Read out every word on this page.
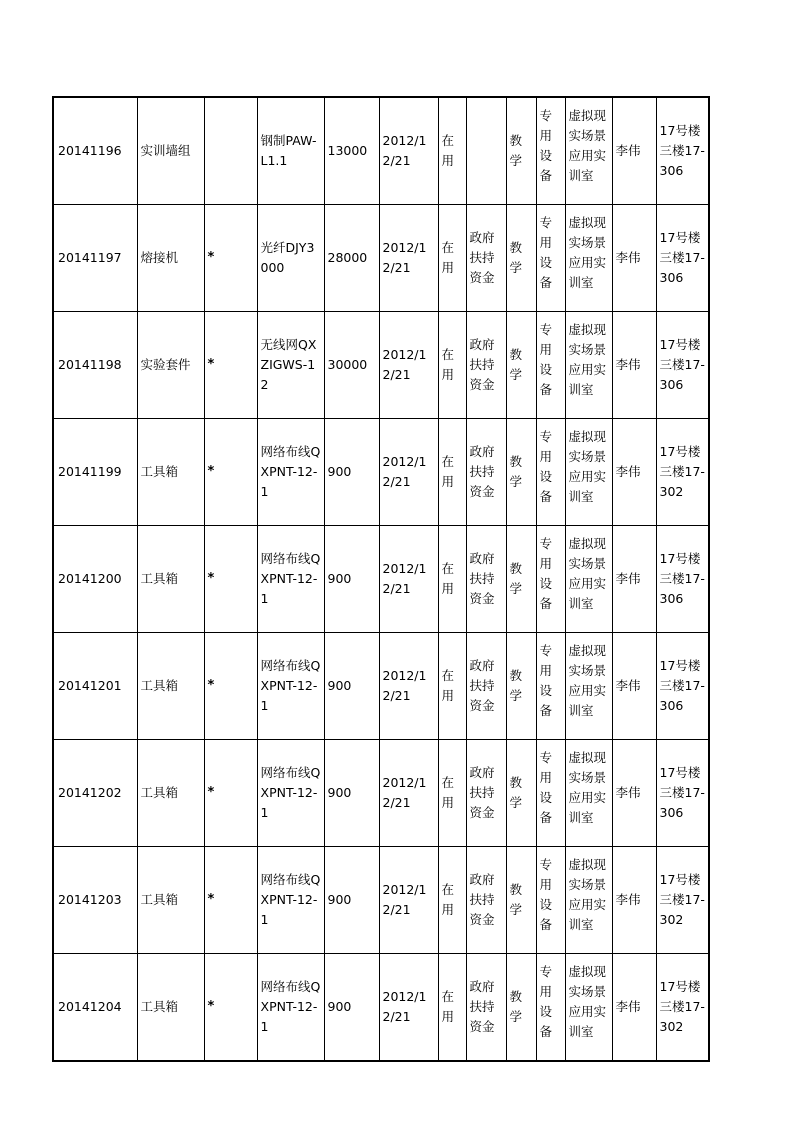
20141196	实训墙组		钢制PAW-L1.1	13000	2012/12/21	在用		教学	专用设备	虚拟现实场景应用实训室	李伟	17号楼三楼17-306

20141197	熔接机	*	光纤DJY3000	28000	2012/12/21	在用	政府扶持资金	教学	专用设备	虚拟现实场景应用实训室	李伟	17号楼三楼17-306

20141198	实验套件	*	无线网QXZIGWS-12	30000	2012/12/21	在用	政府扶持资金	教学	专用设备	虚拟现实场景应用实训室	李伟	17号楼三楼17-306

20141199	工具箱	*	网络布线QXPNT-12-1	900	2012/12/21	在用	政府扶持资金	教学	专用设备	虚拟现实场景应用实训室	李伟	17号楼三楼17-302

20141200	工具箱	*	网络布线QXPNT-12-1	900	2012/12/21	在用	政府扶持资金	教学	专用设备	虚拟现实场景应用实训室	李伟	17号楼三楼17-306

20141201	工具箱	*	网络布线QXPNT-12-1	900	2012/12/21	在用	政府扶持资金	教学	专用设备	虚拟现实场景应用实训室	李伟	17号楼三楼17-306

20141202	工具箱	*	网络布线QXPNT-12-1	900	2012/12/21	在用	政府扶持资金	教学	专用设备	虚拟现实场景应用实训室	李伟	17号楼三楼17-306

20141203	工具箱	*	网络布线QXPNT-12-1	900	2012/12/21	在用	政府扶持资金	教学	专用设备	虚拟现实场景应用实训室	李伟	17号楼三楼17-302

20141204	工具箱	*	网络布线QXPNT-12-1	900	2012/12/21	在用	政府扶持资金	教学	专用设备	虚拟现实场景应用实训室	李伟	17号楼三楼17-302
